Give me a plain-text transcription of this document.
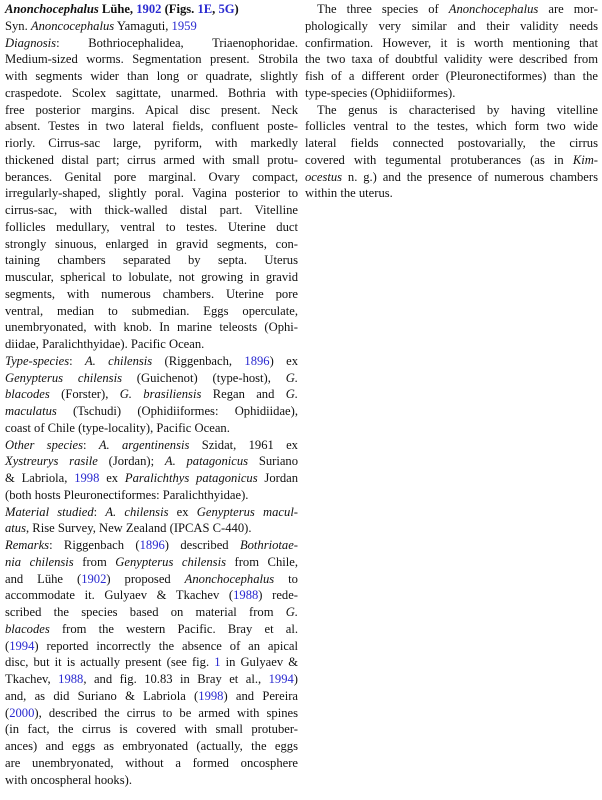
Anonchocephalus Lühe, 1902 (Figs. 1E, 5G)
Syn. Anoncocephalus Yamaguti, 1959
Diagnosis: Bothriocephalidea, Triaenophoridae.
Medium-sized worms. Segmentation present. Strobila
with segments wider than long or quadrate, slightly
craspedote. Scolex sagittate, unarmed. Bothria with
free posterior margins. Apical disc present. Neck
absent. Testes in two lateral fields, confluent poste-
riorly. Cirrus-sac large, pyriform, with markedly
thickened distal part; cirrus armed with small protu-
berances. Genital pore marginal. Ovary compact,
irregularly-shaped, slightly poral. Vagina posterior to
cirrus-sac, with thick-walled distal part. Vitelline
follicles medullary, ventral to testes. Uterine duct
strongly sinuous, enlarged in gravid segments, con-
taining chambers separated by septa. Uterus
muscular, spherical to lobulate, not growing in gravid
segments, with numerous chambers. Uterine pore
ventral, median to submedian. Eggs operculate,
unembryonated, with knob. In marine teleosts (Ophi-
diidae, Paralichthyidae). Pacific Ocean.
Type-species: A. chilensis (Riggenbach, 1896) ex
Genypterus chilensis (Guichenot) (type-host), G.
blacodes (Forster), G. brasiliensis Regan and G.
maculatus (Tschudi) (Ophidiiformes: Ophidiidae),
coast of Chile (type-locality), Pacific Ocean.
Other species: A. argentinensis Szidat, 1961 ex
Xystreurys rasile (Jordan); A. patagonicus Suriano
& Labriola, 1998 ex Paralichthys patagonicus Jordan
(both hosts Pleuronectiformes: Paralichthyidae).
Material studied: A. chilensis ex Genypterus macul-
atus, Rise Survey, New Zealand (IPCAS C-440).
Remarks: Riggenbach (1896) described Bothriotae-
nia chilensis from Genypterus chilensis from Chile,
and Lühe (1902) proposed Anonchocephalus to
accommodate it. Gulyaev & Tkachev (1988) rede-
scribed the species based on material from G.
blacodes from the western Pacific. Bray et al.
(1994) reported incorrectly the absence of an apical
disc, but it is actually present (see fig. 1 in Gulyaev &
Tkachev, 1988, and fig. 10.83 in Bray et al., 1994)
and, as did Suriano & Labriola (1998) and Pereira
(2000), described the cirrus to be armed with spines
(in fact, the cirrus is covered with small protuber-
ances) and eggs as embryonated (actually, the eggs
are unembryonated, without a formed oncosphere
with oncospheral hooks).
The three species of Anonchocephalus are mor-
phologically very similar and their validity needs
confirmation. However, it is worth mentioning that
the two taxa of doubtful validity were described from
fish of a different order (Pleuronectiformes) than the
type-species (Ophidiiformes).
The genus is characterised by having vitelline
follicles ventral to the testes, which form two wide
lateral fields connected postovarially, the cirrus
covered with tegumental protuberances (as in Kim-
ocestus n. g.) and the presence of numerous chambers
within the uterus.
